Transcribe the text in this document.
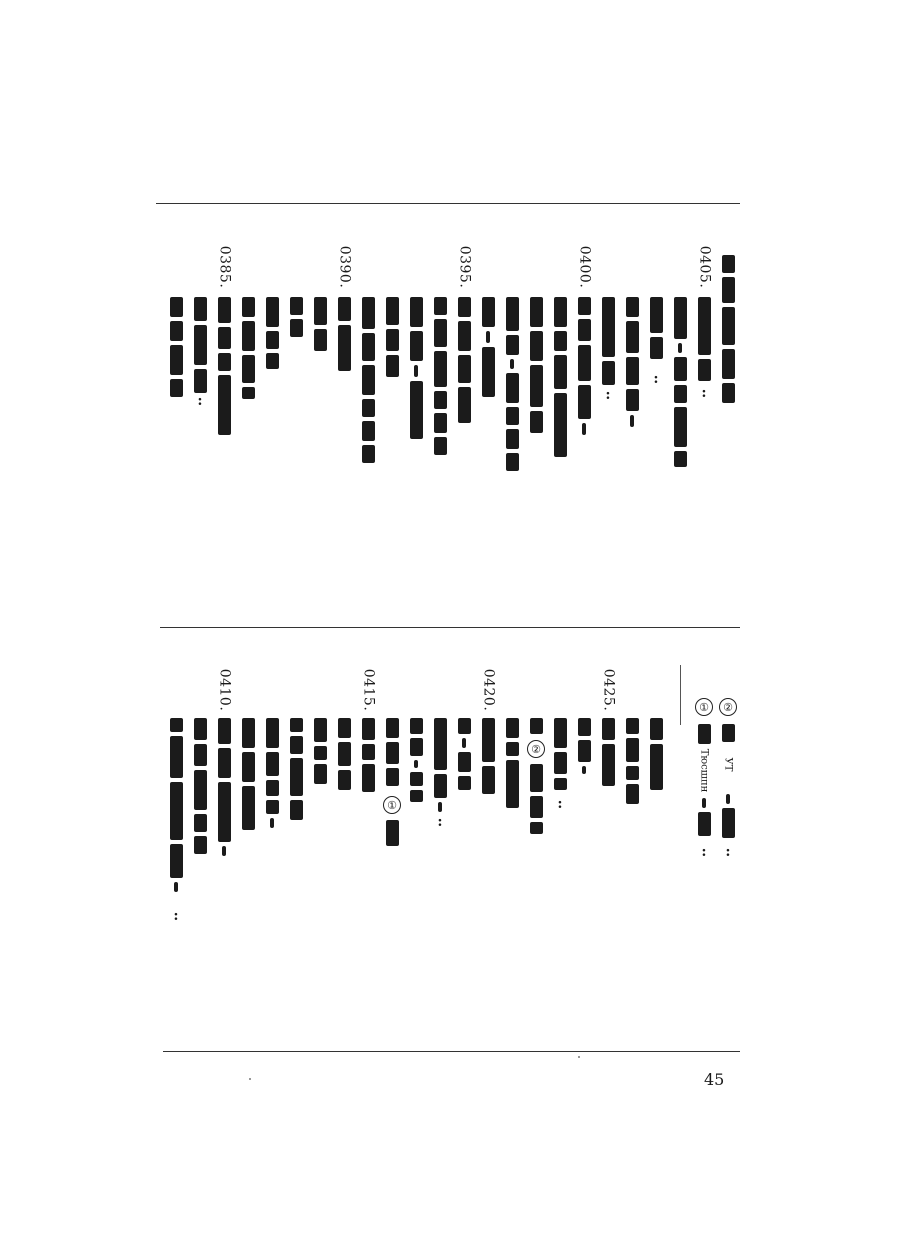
0405.
:
:
:
0400.
0395.
0390.
0385.
:
②
УТ
:
①
Тюсшпн
:
0425.
:
②
0420.
:
①
0415.
0410.
:
45
